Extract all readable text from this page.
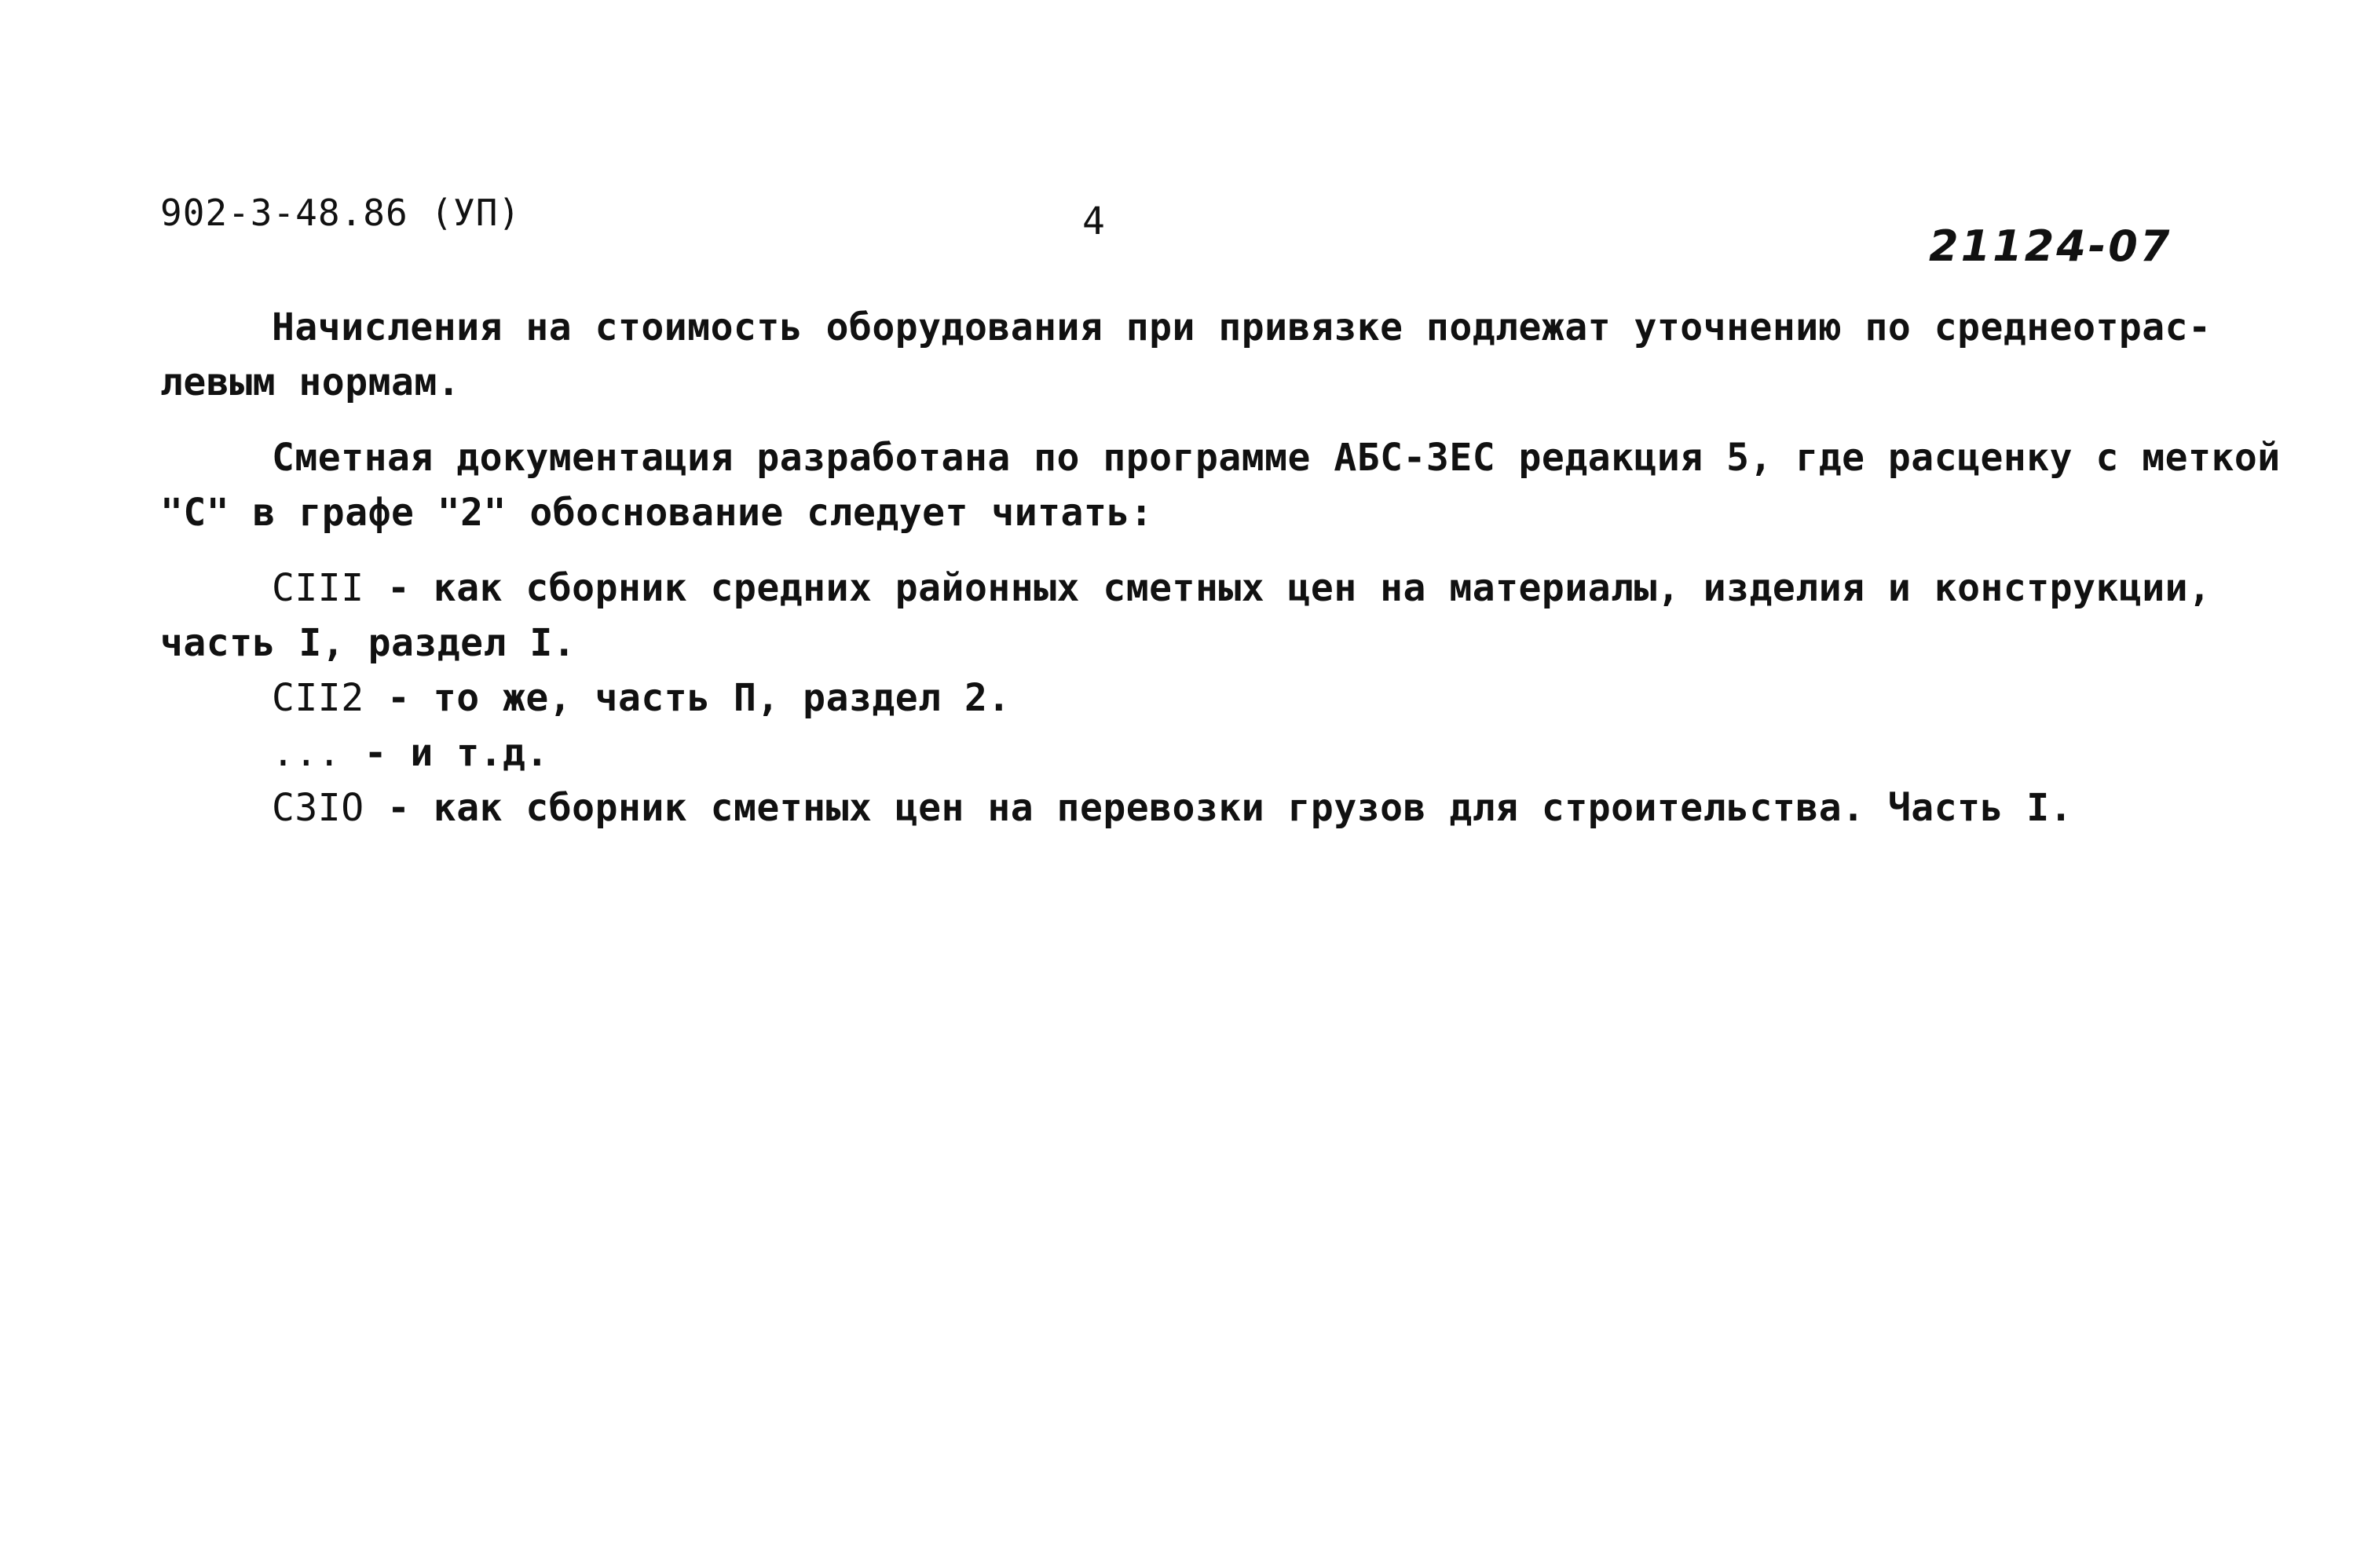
902-3-48.86 (УП)	4	21124-07
Начисления на стоимость оборудования при привязке подлежат уточнению по среднеотрас-
левым нормам.
Сметная документация разработана по программе АБС-ЗЕС редакция 5, где расценку с меткой
"С" в графе "2" обоснование следует читать:
СIII - как сборник средних районных сметных цен на материалы, изделия и конструкции,
часть I, раздел I.
СII2 - то же, часть П, раздел 2.
... - и т.д.
С3IО - как сборник сметных цен на перевозки грузов для строительства. Часть I.
